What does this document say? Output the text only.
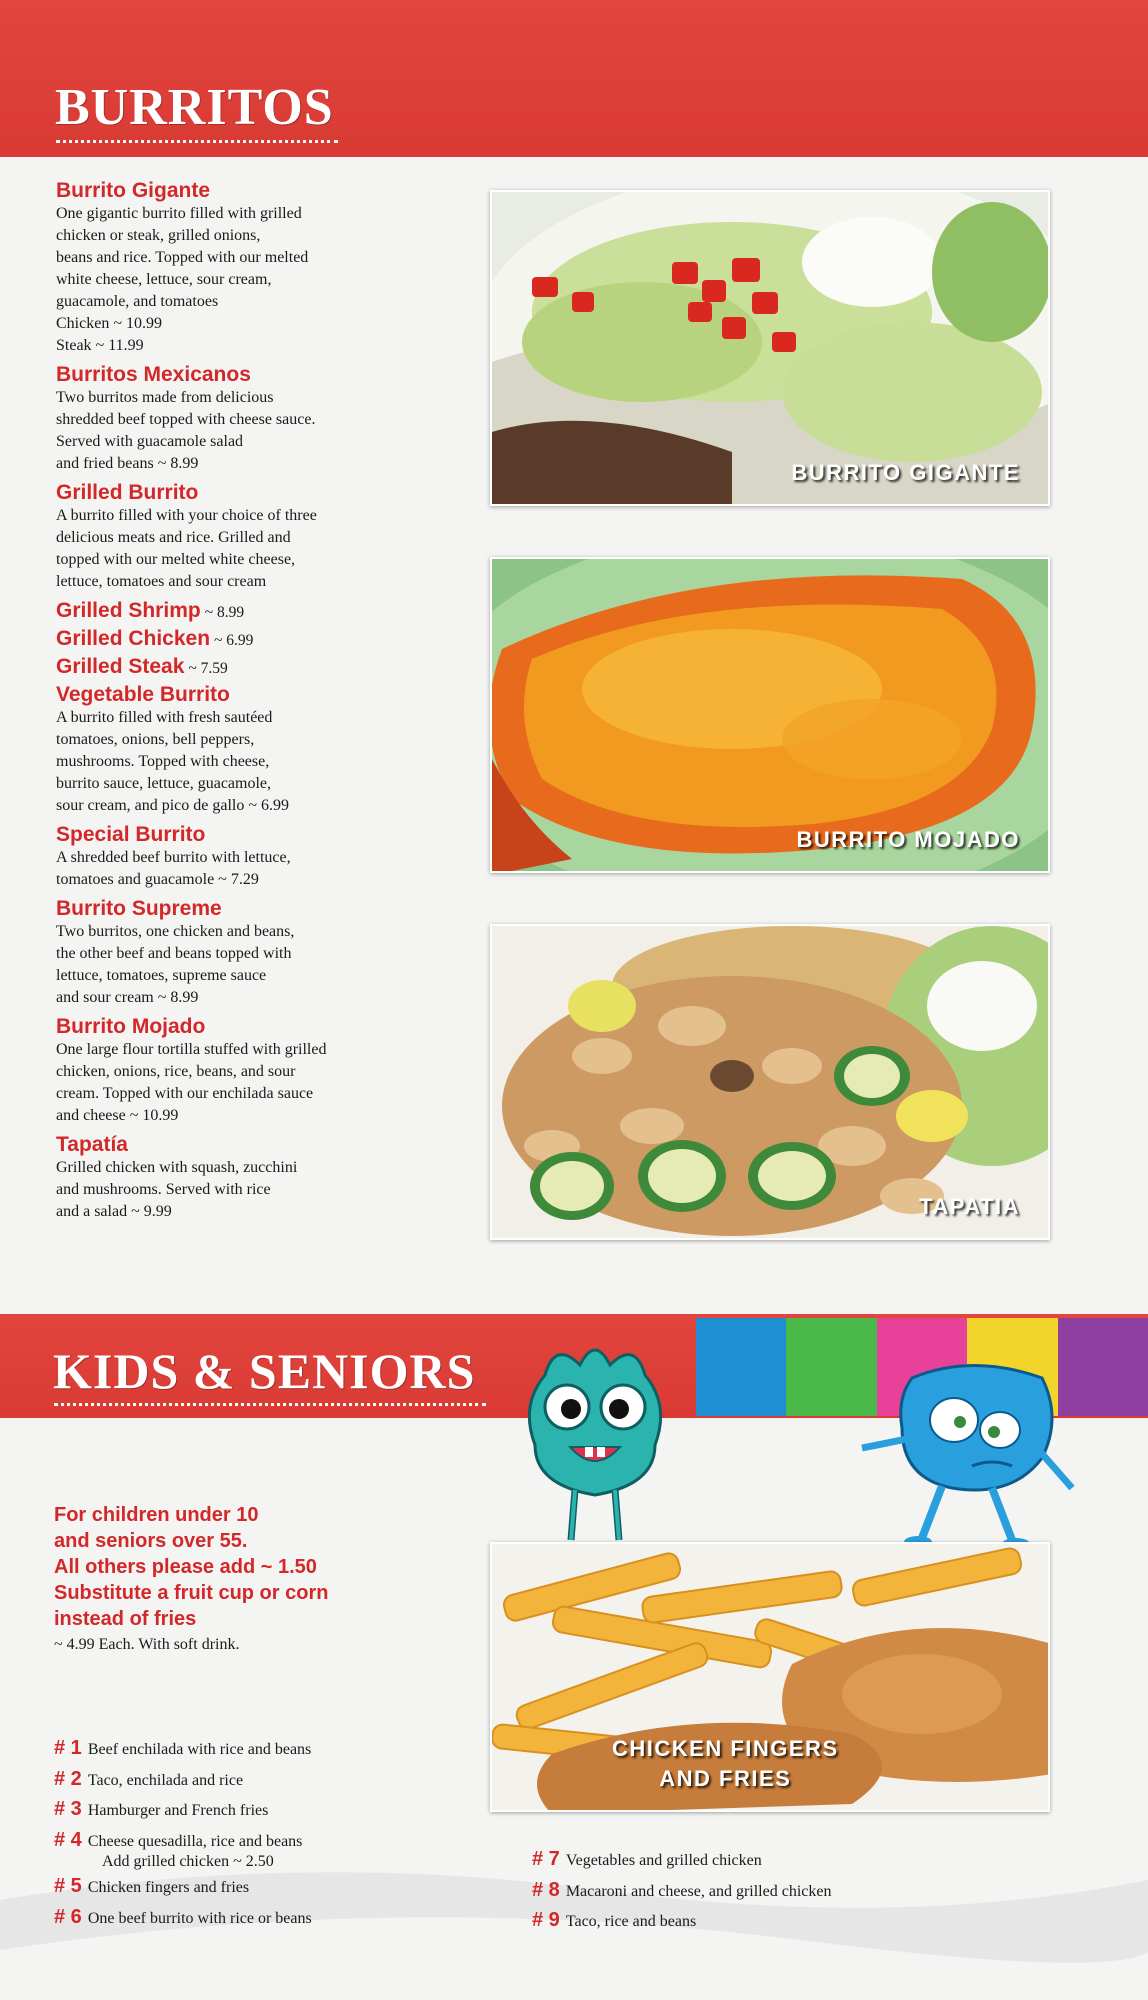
BURRITOS
Burrito Gigante
One gigantic burrito filled with grilled
chicken or steak, grilled onions,
beans and rice. Topped with our melted
white cheese, lettuce, sour cream,
guacamole, and tomatoes
Chicken ~ 10.99
Steak ~ 11.99
Burritos Mexicanos
Two burritos made from delicious
shredded beef topped with cheese sauce.
Served with guacamole salad
and fried beans ~ 8.99
Grilled Burrito
A burrito filled with your choice of three
delicious meats and rice. Grilled and
topped with our melted white cheese,
lettuce, tomatoes and sour cream
Grilled Shrimp ~ 8.99
Grilled Chicken ~ 6.99
Grilled Steak ~ 7.59
Vegetable Burrito
A burrito filled with fresh sautéed
tomatoes, onions, bell peppers,
mushrooms. Topped with cheese,
burrito sauce, lettuce, guacamole,
sour cream, and pico de gallo ~ 6.99
Special Burrito
A shredded beef burrito with lettuce,
tomatoes and guacamole ~ 7.29
Burrito Supreme
Two burritos, one chicken and beans,
the other beef and beans topped with
lettuce, tomatoes, supreme sauce
and sour cream ~ 8.99
Burrito Mojado
One large flour tortilla stuffed with grilled
chicken, onions, rice, beans, and sour
cream. Topped with our enchilada sauce
and cheese ~ 10.99
Tapatía
Grilled chicken with squash, zucchini
and mushrooms. Served with rice
and a salad ~ 9.99
BURRITO GIGANTE
BURRITO MOJADO
TAPATIA
KIDS & SENIORS
For children under 10
and seniors over 55.
All others please add ~ 1.50
Substitute a fruit cup or corn
instead of fries
~ 4.99 Each. With soft drink.
CHICKEN FINGERS
AND FRIES
# 1 Beef enchilada with rice and beans
# 2 Taco, enchilada and rice
# 3 Hamburger and French fries
# 4 Cheese quesadilla, rice and beans
Add grilled chicken ~ 2.50
# 5 Chicken fingers and fries
# 6 One beef burrito with rice or beans
# 7 Vegetables and grilled chicken
# 8 Macaroni and cheese, and grilled chicken
# 9 Taco, rice and beans
